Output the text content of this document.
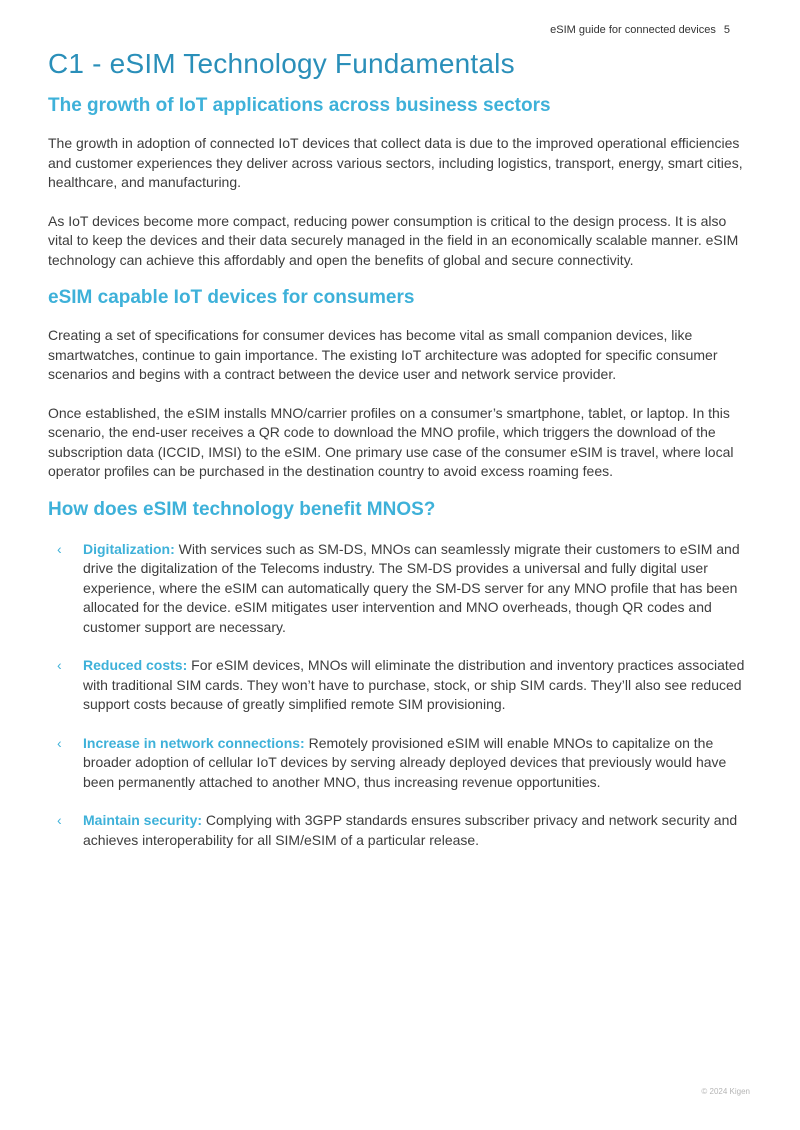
eSIM guide for connected devices 5
C1 - eSIM Technology Fundamentals
The growth of IoT applications across business sectors

The growth in adoption of connected IoT devices that collect data is due to the improved operational efficiencies and customer experiences they deliver across various sectors, including logistics, transport, energy, smart cities, healthcare, and manufacturing.

As IoT devices become more compact, reducing power consumption is critical to the design process. It is also vital to keep the devices and their data securely managed in the field in an economically scalable manner. eSIM technology can achieve this affordably and open the benefits of global and secure connectivity.

eSIM capable IoT devices for consumers

Creating a set of specifications for consumer devices has become vital as small companion devices, like smartwatches, continue to gain importance. The existing IoT architecture was adopted for specific consumer scenarios and begins with a contract between the device user and network service provider.

Once established, the eSIM installs MNO/carrier profiles on a consumer’s smartphone, tablet, or laptop. In this scenario, the end-user receives a QR code to download the MNO profile, which triggers the download of the subscription data (ICCID, IMSI) to the eSIM. One primary use case of the consumer eSIM is travel, where local operator profiles can be purchased in the destination country to avoid excess roaming fees.

How does eSIM technology benefit MNOS?
‹ Digitalization: With services such as SM-DS, MNOs can seamlessly migrate their customers to eSIM and drive the digitalization of the Telecoms industry. The SM-DS provides a universal and fully digital user experience, where the eSIM can automatically query the SM-DS server for any MNO profile that has been allocated for the device. eSIM mitigates user intervention and MNO overheads, though QR codes and customer support are necessary.
‹ Reduced costs: For eSIM devices, MNOs will eliminate the distribution and inventory practices associated with traditional SIM cards. They won’t have to purchase, stock, or ship SIM cards. They’ll also see reduced support costs because of greatly simplified remote SIM provisioning.
‹ Increase in network connections: Remotely provisioned eSIM will enable MNOs to capitalize on the broader adoption of cellular IoT devices by serving already deployed devices that previously would have been permanently attached to another MNO, thus increasing revenue opportunities.
‹ Maintain security: Complying with 3GPP standards ensures subscriber privacy and network security and achieves interoperability for all SIM/eSIM of a particular release.
© 2024 Kigen
